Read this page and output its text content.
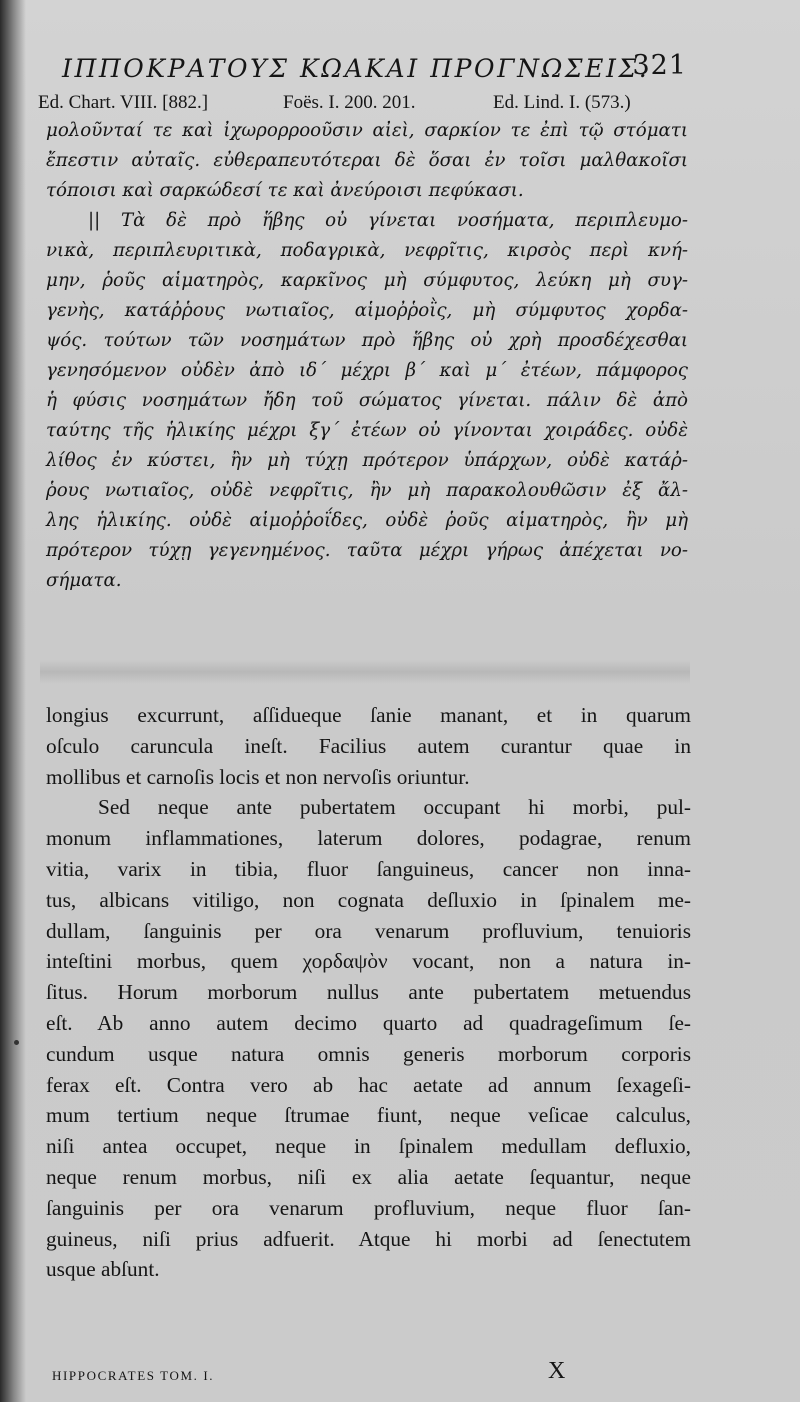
ΙΠΠΟΚΡΑΤΟΥΣ ΚΩΑΚΑΙ ΠΡΟΓΝΩΣΕΙΣ.
321
Ed. Chart. VIII. [882.]	Foës. I. 200. 201.	Ed. Lind. I. (573.)
μολοῦνταί τε καὶ ἰχωρορροοῦσιν αἰεὶ, σαρκίον τε ἐπὶ τῷ στόματι
ἔπεστιν αὐταῖς. εὐθεραπευτότεραι δὲ ὅσαι ἐν τοῖσι μαλθακοῖσι
τόποισι καὶ σαρκώδεσί τε καὶ ἀνεύροισι πεφύκασι.
|| Τὰ δὲ πρὸ ἥβης οὐ γίνεται νοσήματα, περιπλευμο-
νικὰ, περιπλευριτικὰ, ποδαγρικὰ, νεφρῖτις, κιρσὸς περὶ κνή-
μην, ῥοῦς αἱματηρὸς, καρκῖνος μὴ σύμφυτος, λεύκη μὴ συγ-
γενὴς, κατάῤῥους νωτιαῖος, αἱμοῤῥοῒς, μὴ σύμφυτος χορδα-
ψός. τούτων τῶν νοσημάτων πρὸ ἥβης οὐ χρὴ προσδέχεσθαι
γενησόμενον οὐδὲν ἀπὸ ιδ΄ μέχρι β΄ καὶ μ΄ ἐτέων, πάμφορος
ἡ φύσις νοσημάτων ἤδη τοῦ σώματος γίνεται. πάλιν δὲ ἀπὸ
ταύτης τῆς ἡλικίης μέχρι ξγ΄ ἐτέων οὐ γίνονται χοιράδες. οὐδὲ
λίθος ἐν κύστει, ἢν μὴ τύχῃ πρότερον ὑπάρχων, οὐδὲ κατάῤ-
ῥους νωτιαῖος, οὐδὲ νεφρῖτις, ἢν μὴ παρακολουθῶσιν ἐξ ἄλ-
λης ἡλικίης. οὐδὲ αἱμοῤῥοΐδες, οὐδὲ ῥοῦς αἱματηρὸς, ἢν μὴ
πρότερον τύχῃ γεγενημένος. ταῦτα μέχρι γήρως ἀπέχεται νο-
σήματα.
longius excurrunt, aſſidueque ſanie manant, et in quarum
oſculo caruncula ineſt. Facilius autem curantur quae in
mollibus et carnoſis locis et non nervoſis oriuntur.
Sed neque ante pubertatem occupant hi morbi, pul-
monum inflammationes, laterum dolores, podagrae, renum
vitia, varix in tibia, fluor ſanguineus, cancer non inna-
tus, albicans vitiligo, non cognata deſluxio in ſpinalem me-
dullam, ſanguinis per ora venarum profluvium, tenuioris
inteſtini morbus, quem χορδαψὸν vocant, non a natura in-
ſitus. Horum morborum nullus ante pubertatem metuendus
eſt. Ab anno autem decimo quarto ad quadrageſimum ſe-
cundum usque natura omnis generis morborum corporis
ferax eſt. Contra vero ab hac aetate ad annum ſexageſi-
mum tertium neque ſtrumae fiunt, neque veſicae calculus,
niſi antea occupet, neque in ſpinalem medullam defluxio,
neque renum morbus, niſi ex alia aetate ſequantur, neque
ſanguinis per ora venarum profluvium, neque fluor ſan-
guineus, niſi prius adfuerit. Atque hi morbi ad ſenectutem
usque abſunt.
HIPPOCRATES TOM. I.	X
